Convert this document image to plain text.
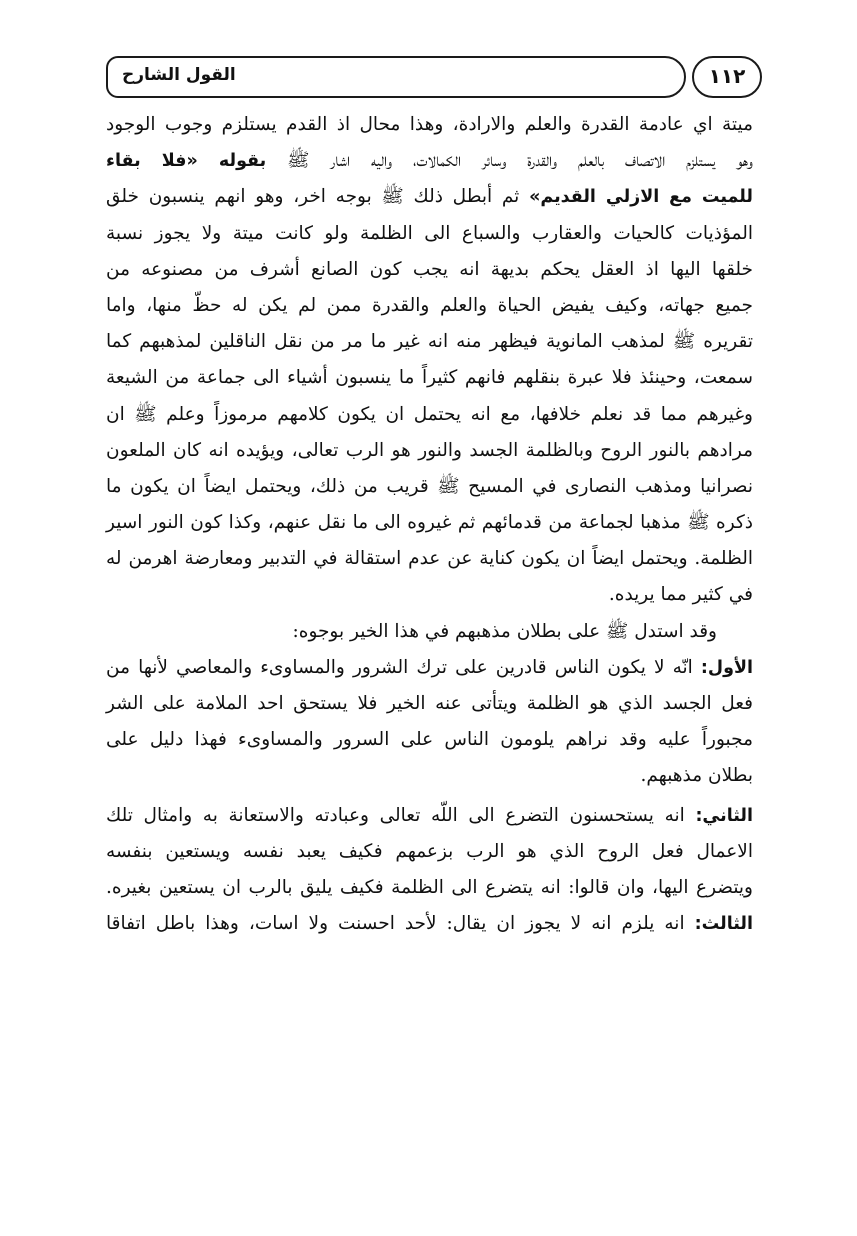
القول الشارح	١١٢
ميتة اي عادمة القدرة والعلم والارادة، وهذا محال اذ القدم يستلزم وجوب الوجود
وهو يستلزم الاتصاف بالعلم والقدرة وسائر الكمالات، واليه اشار ﷺ بقوله «فلا بقاء
للميت مع الازلي القديم» ثم أبطل ذلك ﷺ بوجه اخر، وهو انهم ينسبون خلق
المؤذيات كالحيات والعقارب والسباع الى الظلمة ولو كانت ميتة ولا يجوز نسبة
خلقها اليها اذ العقل يحكم بديهة انه يجب كون الصانع أشرف من مصنوعه من
جميع جهاته، وكيف يفيض الحياة والعلم والقدرة ممن لم يكن له حظّ منها، واما
تقريره ﷺ لمذهب المانوية فيظهر منه انه غير ما مر من نقل الناقلين لمذهبهم كما
سمعت، وحينئذ فلا عبرة بنقلهم فانهم كثيراً ما ينسبون أشياء الى جماعة من الشيعة
وغيرهم مما قد نعلم خلافها، مع انه يحتمل ان يكون كلامهم مرموزاً وعلم ﷺ ان
مرادهم بالنور الروح وبالظلمة الجسد والنور هو الرب تعالى، ويؤيده انه كان الملعون
نصرانيا ومذهب النصارى في المسيح ﷺ قريب من ذلك، ويحتمل ايضاً ان يكون ما
ذكره ﷺ مذهبا لجماعة من قدمائهم ثم غيروه الى ما نقل عنهم، وكذا كون النور اسير
الظلمة. ويحتمل ايضاً ان يكون كناية عن عدم استقالة في التدبير ومعارضة اهرمن له
في كثير مما يريده.
وقد استدل ﷺ على بطلان مذهبهم في هذا الخير بوجوه:
الأول: انّه لا يكون الناس قادرين على ترك الشرور والمساوىء والمعاصي لأنها من
فعل الجسد الذي هو الظلمة ويتأتى عنه الخير فلا يستحق احد الملامة على الشر
مجبوراً عليه وقد نراهم يلومون الناس على السرور والمساوىء فهذا دليل على
بطلان مذهبهم.
الثاني: انه يستحسنون التضرع الى اللّه تعالى وعبادته والاستعانة به وامثال تلك
الاعمال فعل الروح الذي هو الرب بزعمهم فكيف يعبد نفسه ويستعين بنفسه
ويتضرع اليها، وان قالوا: انه يتضرع الى الظلمة فكيف يليق بالرب ان يستعين بغيره.
الثالث: انه يلزم انه لا يجوز ان يقال: لأحد احسنت ولا اسات، وهذا باطل اتفاقا
